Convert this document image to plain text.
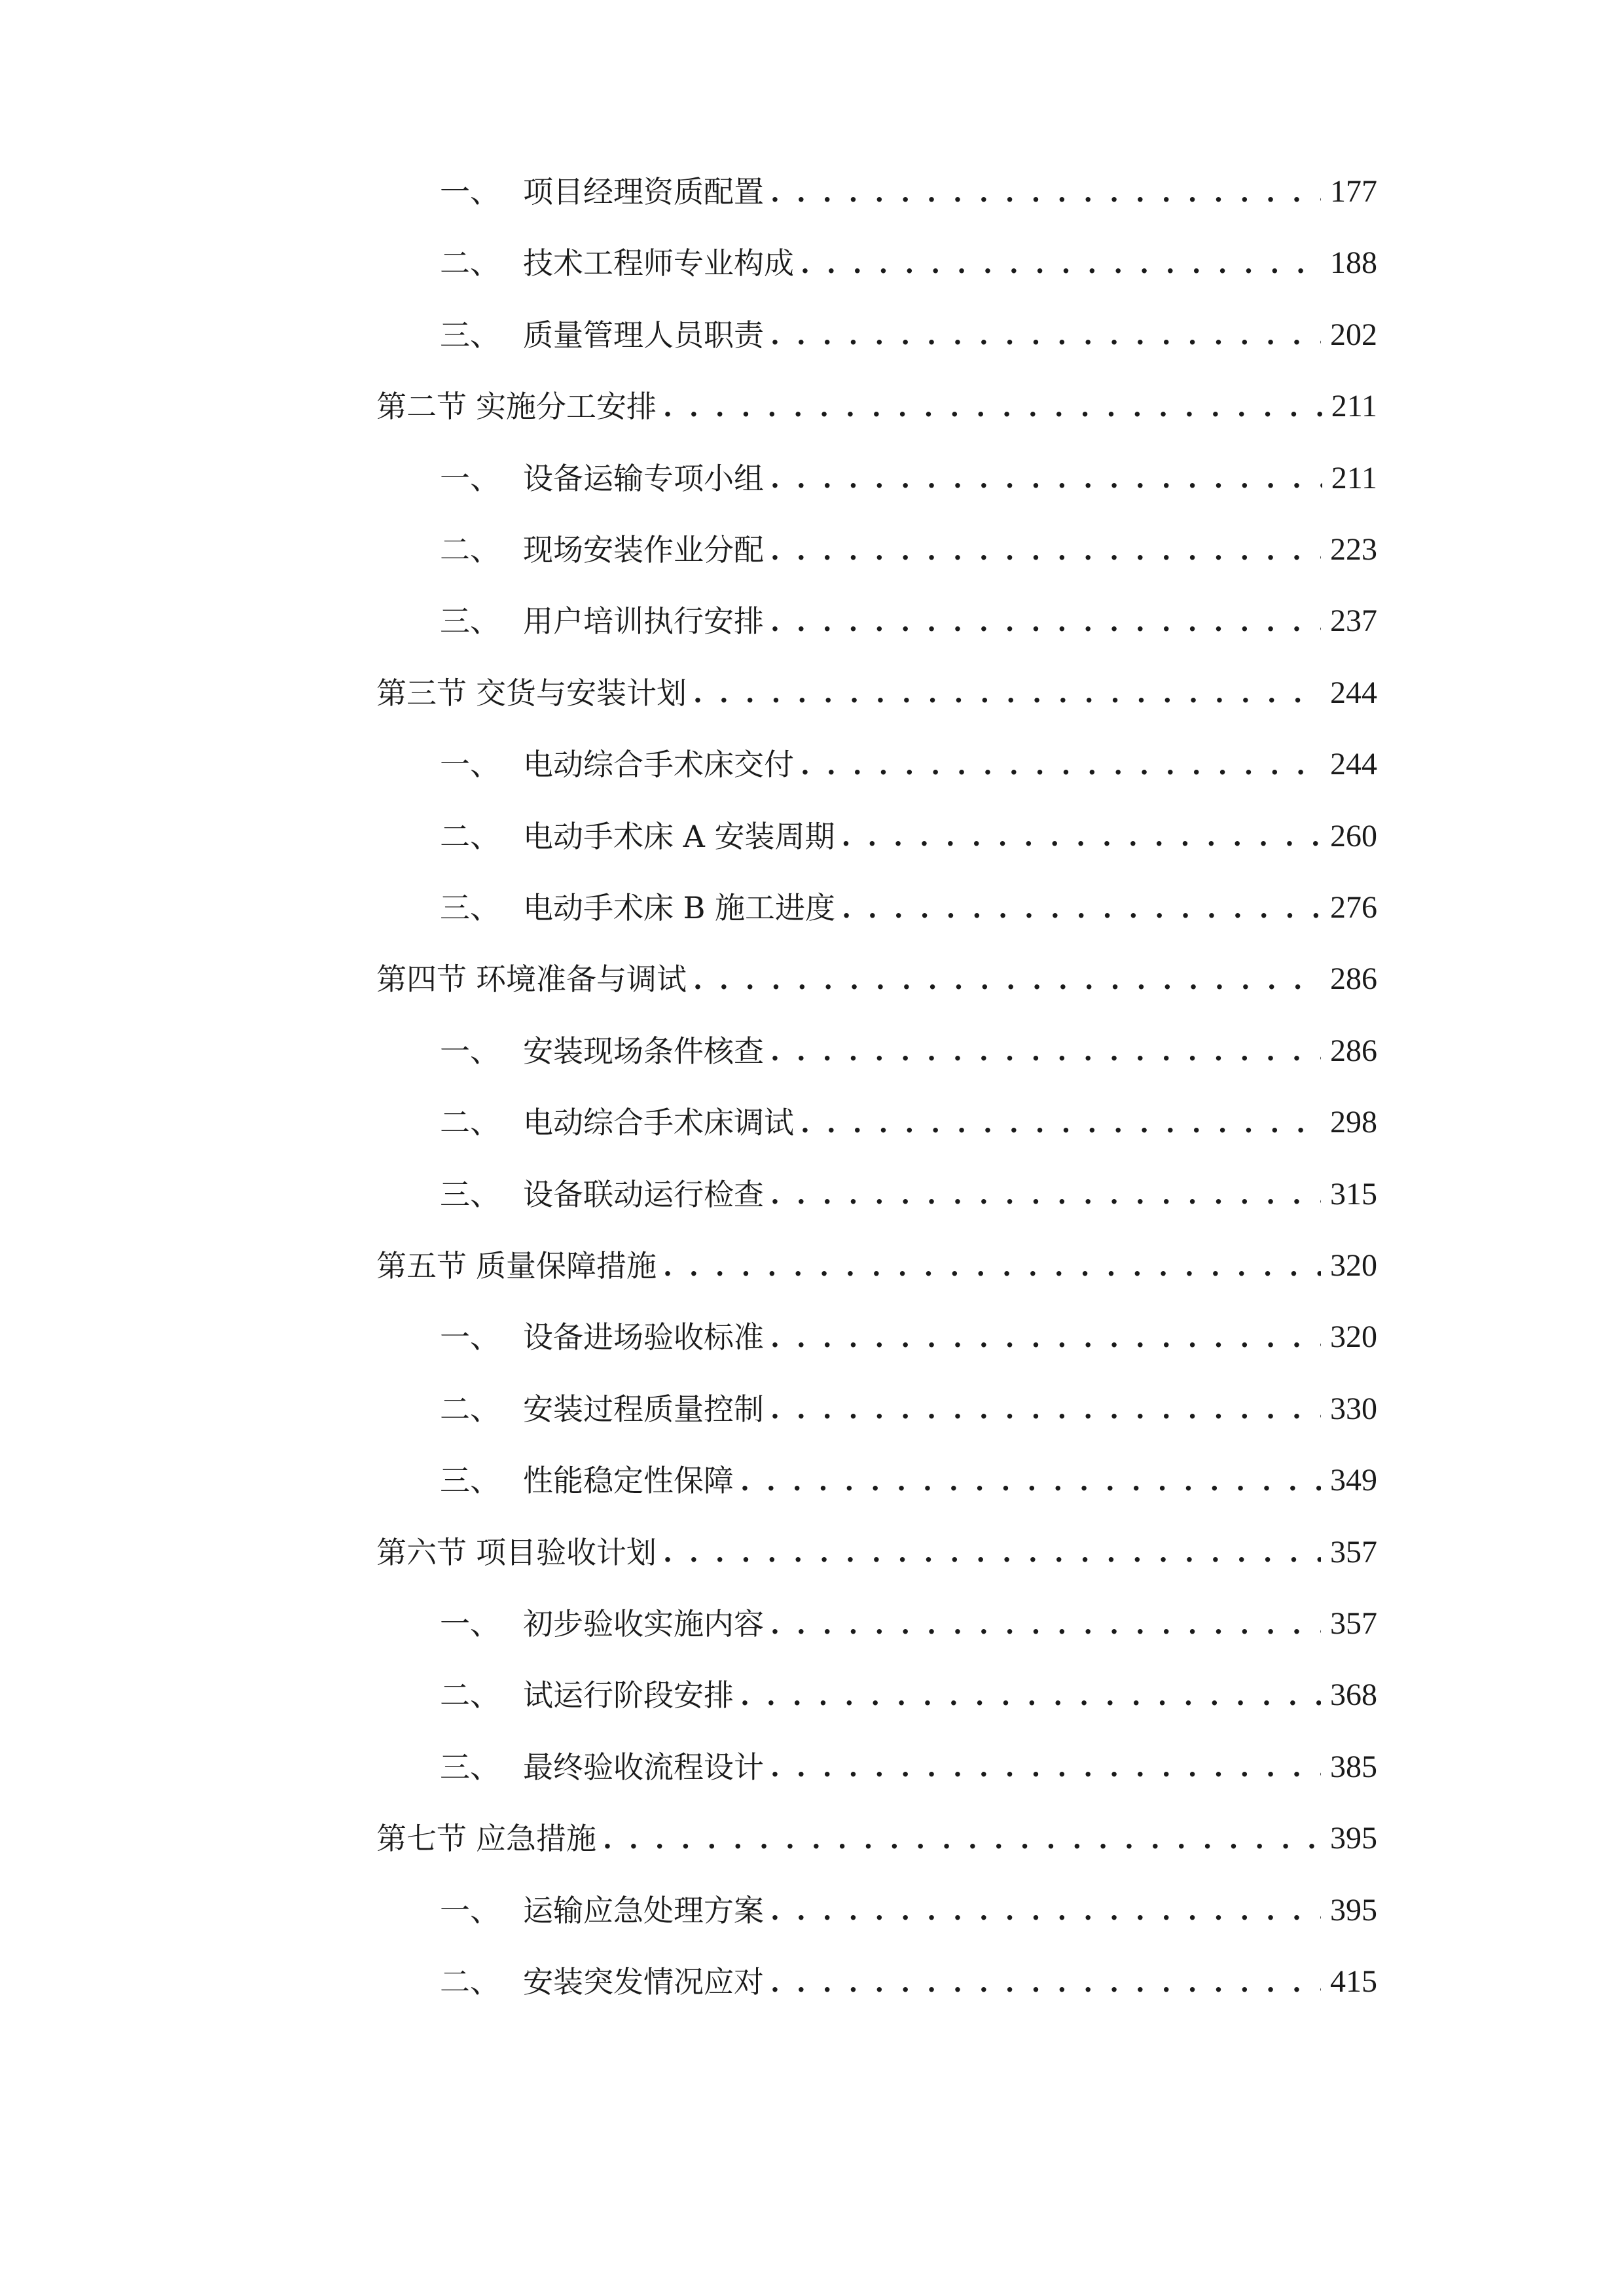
一、 项目经理资质配置 . . .	177
二、 技术工程师专业构成 . . .	188
三、 质量管理人员职责 . . .	202
第二节 实施分工安排 . . .	211
一、 设备运输专项小组 . . .	211
二、 现场安装作业分配 . . .	223
三、 用户培训执行安排 . . .	237
第三节 交货与安装计划 . . .	244
一、 电动综合手术床交付 . . .	244
二、 电动手术床 A 安装周期 . . .	260
三、 电动手术床 B 施工进度 . . .	276
第四节 环境准备与调试 . . .	286
一、 安装现场条件核查 . . .	286
二、 电动综合手术床调试 . . .	298
三、 设备联动运行检查 . . .	315
第五节 质量保障措施 . . .	320
一、 设备进场验收标准 . . .	320
二、 安装过程质量控制 . . .	330
三、 性能稳定性保障 . . .	349
第六节 项目验收计划 . . .	357
一、 初步验收实施内容 . . .	357
二、 试运行阶段安排 . . .	368
三、 最终验收流程设计 . . .	385
第七节 应急措施 . . .	395
一、 运输应急处理方案 . . .	395
二、 安装突发情况应对 . . .	415
